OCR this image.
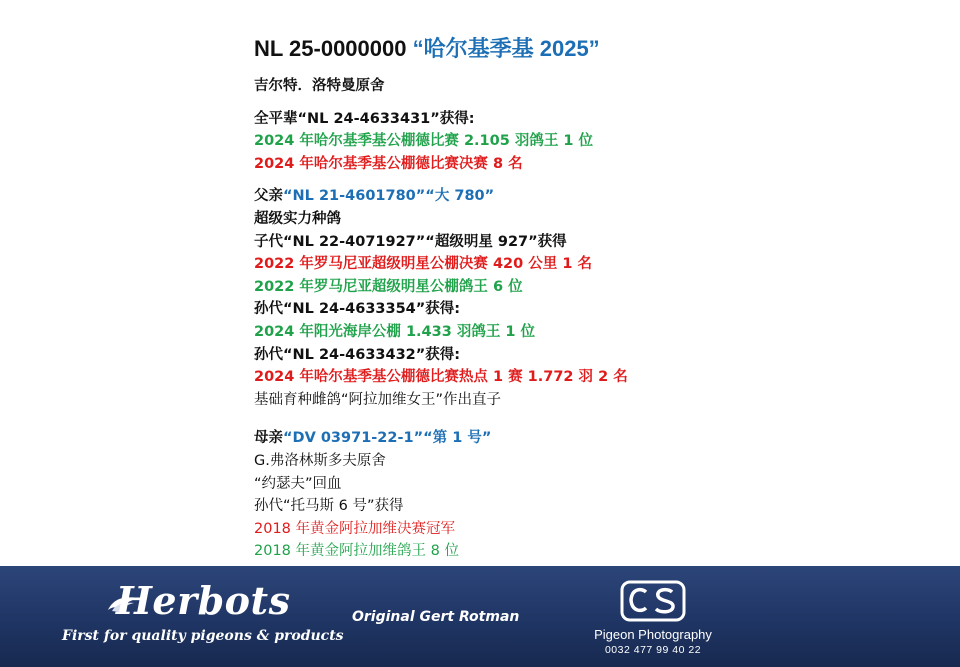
NL 25-0000000 “哈尔基季基 2025”
吉尔特．洛特曼原舍
全平辈“NL 24-4633431”获得:
2024 年哈尔基季基公棚德比赛 2.105 羽鸽王 1 位
2024 年哈尔基季基公棚德比赛决赛 8 名
父亲“NL 21-4601780”“大 780”
超级实力种鸽
子代“NL 22-4071927”“超级明星 927”获得
2022 年罗马尼亚超级明星公棚决赛 420 公里 1 名
2022 年罗马尼亚超级明星公棚鸽王 6 位
孙代“NL 24-4633354”获得:
2024 年阳光海岸公棚 1.433 羽鸽王 1 位
孙代“NL 24-4633432”获得:
2024 年哈尔基季基公棚德比赛热点 1 赛 1.772 羽 2 名
基础育种雌鸽“阿拉加维女王”作出直子
母亲“DV 03971-22-1”“第 1 号”
G.弗洛林斯多夫原舍
“约瑟夫”回血
孙代“托马斯 6 号”获得
2018 年黄金阿拉加维决赛冠军
2018 年黄金阿拉加维鸽王 8 位
Herbots
First for quality pigeons & products
Original Gert Rotman
Pigeon Photography
0032 477 99 40 22
